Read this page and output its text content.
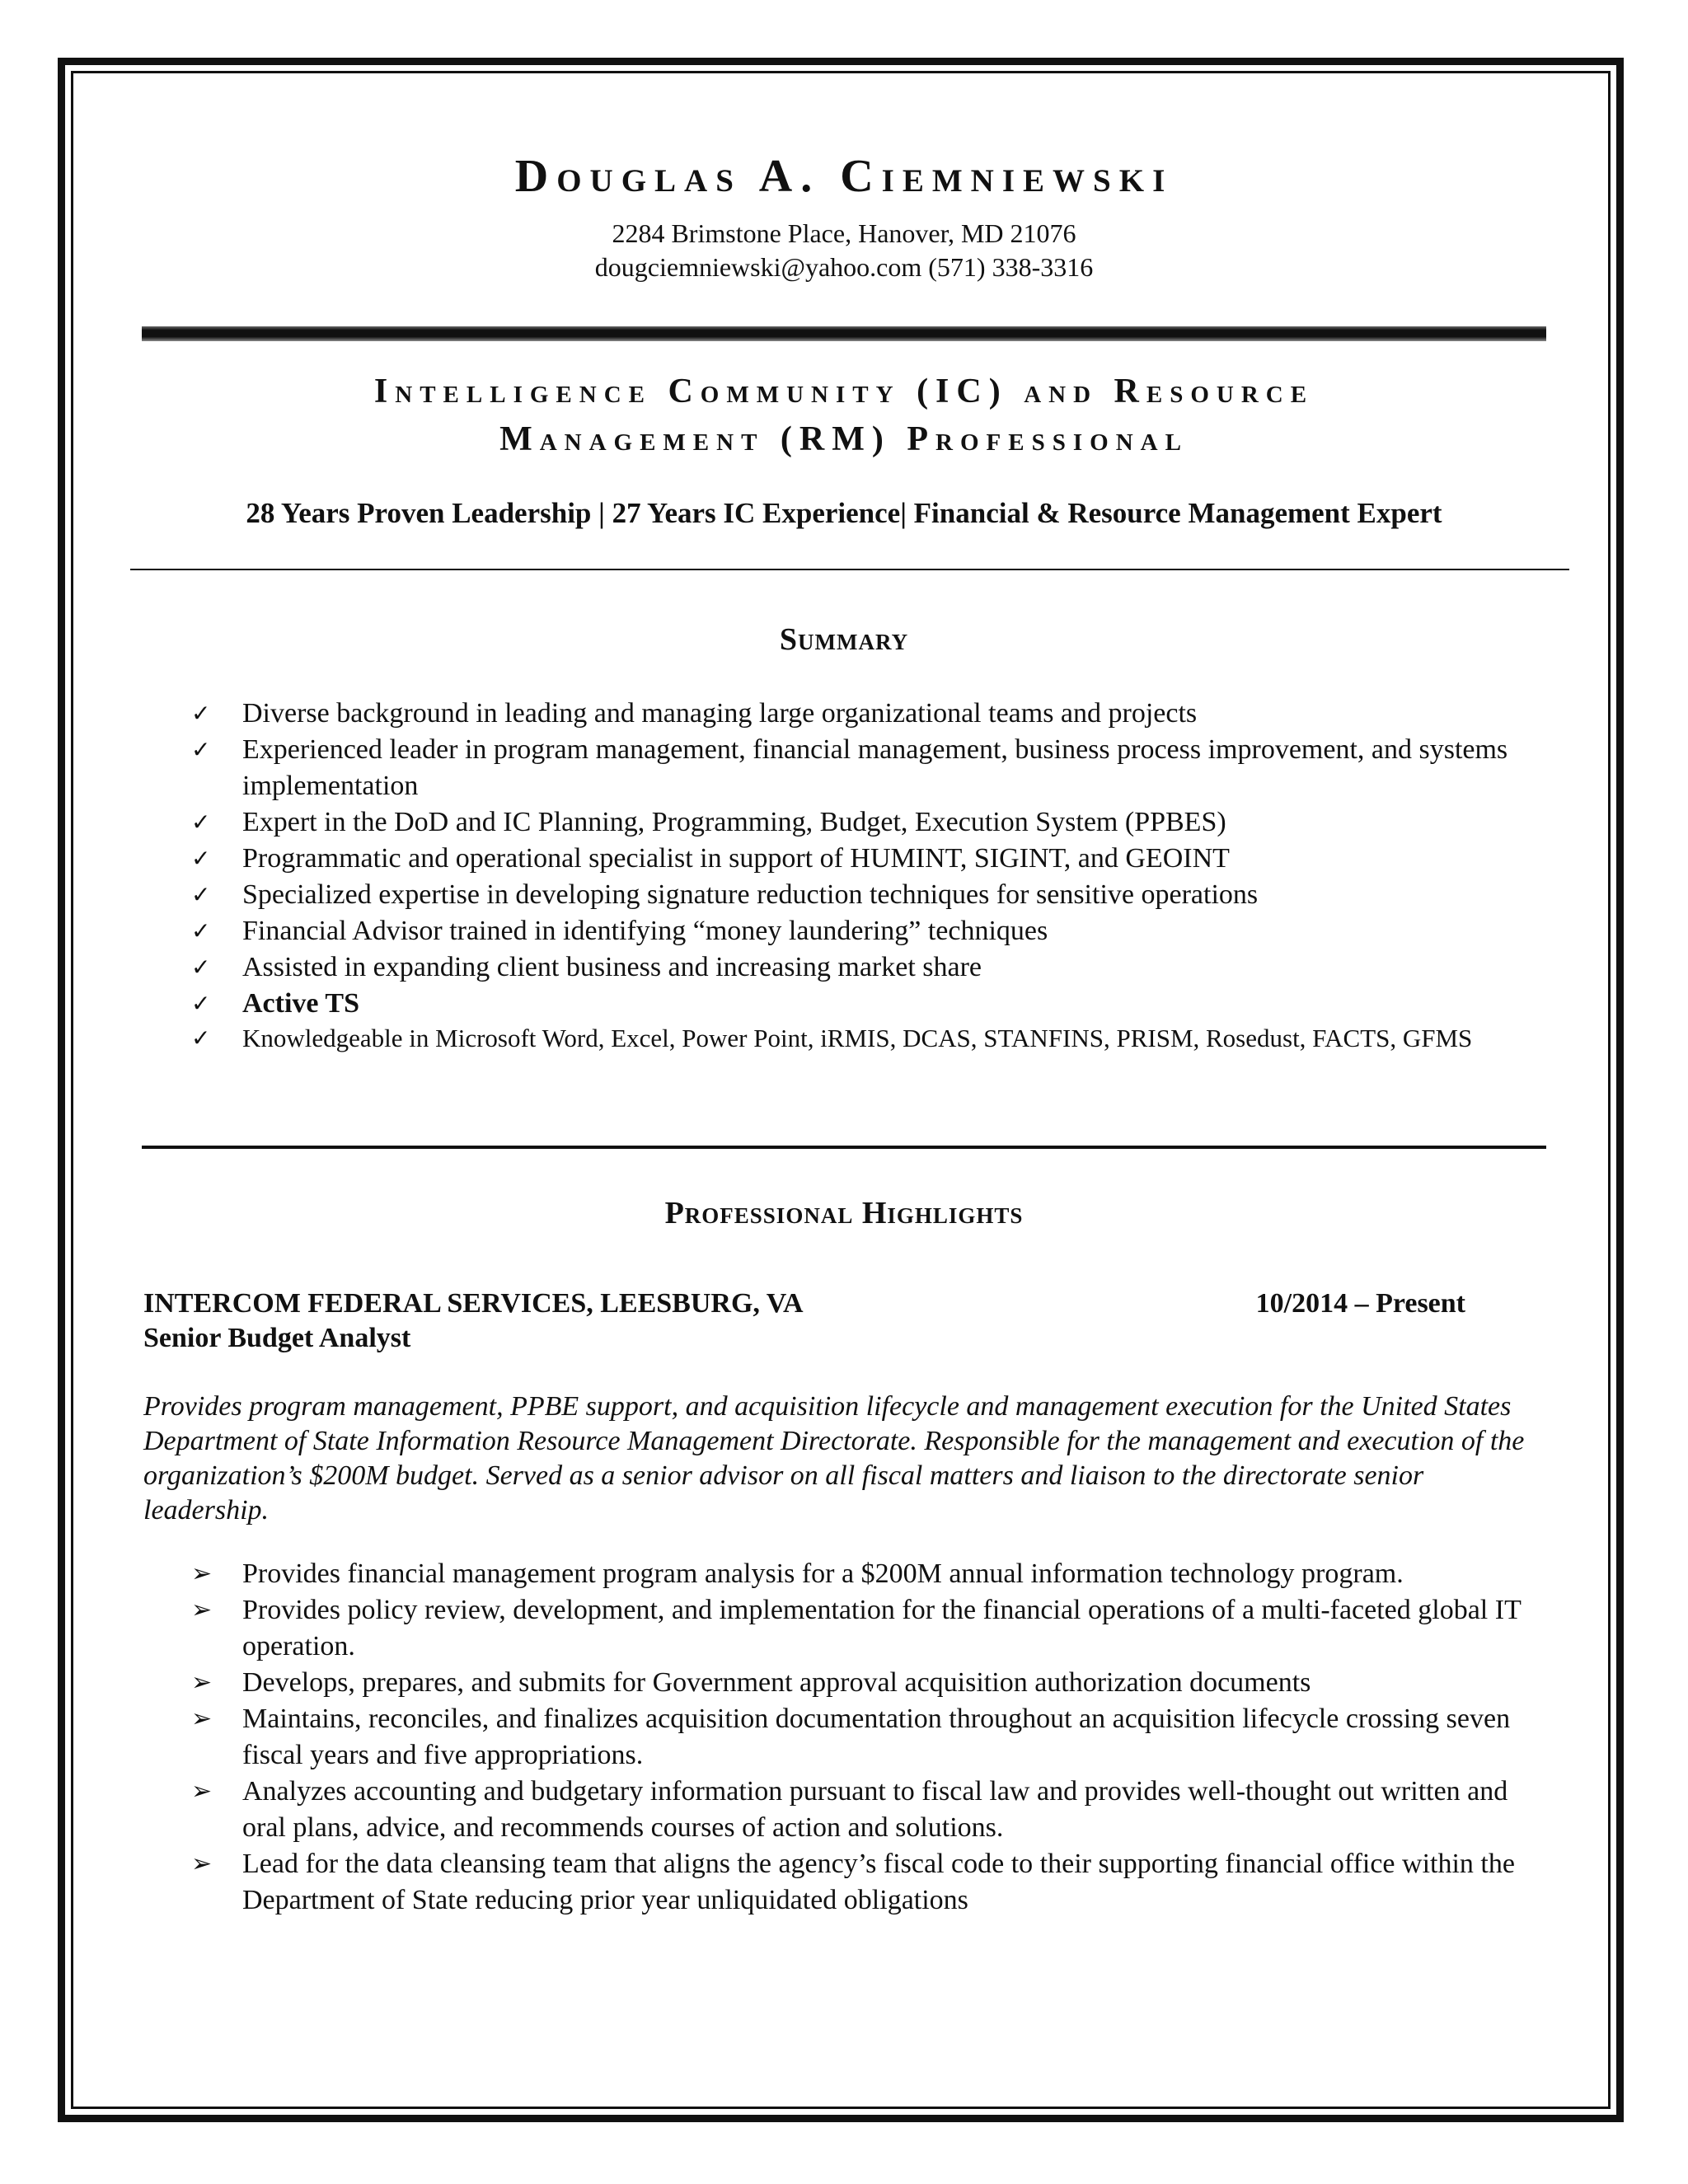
Douglas A. Ciemniewski
2284 Brimstone Place, Hanover, MD 21076
dougciemniewski@yahoo.com (571) 338-3316
Intelligence Community (IC) and Resource
Management (RM) Professional
28 Years Proven Leadership | 27 Years IC Experience| Financial & Resource Management Expert
Summary
✓ Diverse background in leading and managing large organizational teams and projects
✓ Experienced leader in program management, financial management, business process improvement, and systems implementation
✓ Expert in the DoD and IC Planning, Programming, Budget, Execution System (PPBES)
✓ Programmatic and operational specialist in support of HUMINT, SIGINT, and GEOINT
✓ Specialized expertise in developing signature reduction techniques for sensitive operations
✓ Financial Advisor trained in identifying “money laundering” techniques
✓ Assisted in expanding client business and increasing market share
✓ Active TS
✓ Knowledgeable in Microsoft Word, Excel, Power Point, iRMIS, DCAS, STANFINS, PRISM, Rosedust, FACTS, GFMS
Professional Highlights
INTERCOM FEDERAL SERVICES, LEESBURG, VA	10/2014 – Present
Senior Budget Analyst
Provides program management, PPBE support, and acquisition lifecycle and management execution for the United States Department of State Information Resource Management Directorate. Responsible for the management and execution of the organization’s $200M budget. Served as a senior advisor on all fiscal matters and liaison to the directorate senior leadership.
➢ Provides financial management program analysis for a $200M annual information technology program.
➢ Provides policy review, development, and implementation for the financial operations of a multi-faceted global IT operation.
➢ Develops, prepares, and submits for Government approval acquisition authorization documents
➢ Maintains, reconciles, and finalizes acquisition documentation throughout an acquisition lifecycle crossing seven fiscal years and five appropriations.
➢ Analyzes accounting and budgetary information pursuant to fiscal law and provides well-thought out written and oral plans, advice, and recommends courses of action and solutions.
➢ Lead for the data cleansing team that aligns the agency’s fiscal code to their supporting financial office within the Department of State reducing prior year unliquidated obligations
